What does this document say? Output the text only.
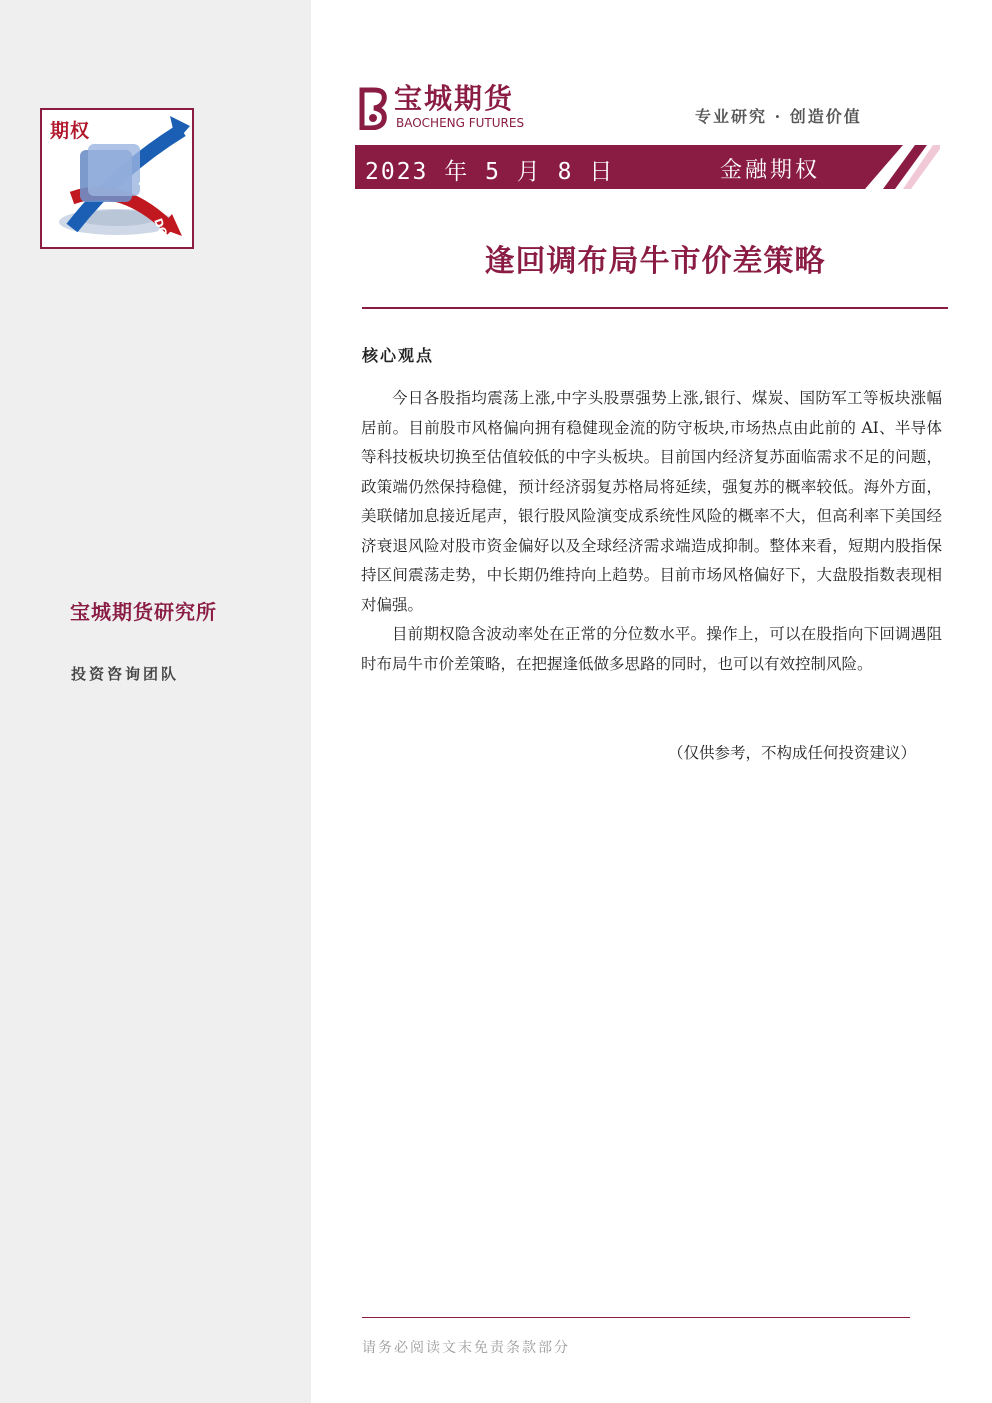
UP
DO
期权
宝城期货研究所
投资咨询团队
宝城期货
BAOCHENG FUTURES	专业研究 · 创造价值
2023 年 5 月 8 日	金融期权
逢回调布局牛市价差策略
核心观点

今日各股指均震荡上涨,中字头股票强势上涨,银行、煤炭、国防军工等板块涨幅居前。目前股市风格偏向拥有稳健现金流的防守板块,市场热点由此前的 AI、半导体等科技板块切换至估值较低的中字头板块。目前国内经济复苏面临需求不足的问题，政策端仍然保持稳健，预计经济弱复苏格局将延续，强复苏的概率较低。海外方面，美联储加息接近尾声，银行股风险演变成系统性风险的概率不大，但高利率下美国经济衰退风险对股市资金偏好以及全球经济需求端造成抑制。整体来看，短期内股指保持区间震荡走势，中长期仍维持向上趋势。目前市场风格偏好下，大盘股指数表现相对偏强。

目前期权隐含波动率处在正常的分位数水平。操作上，可以在股指向下回调遇阻时布局牛市价差策略，在把握逢低做多思路的同时，也可以有效控制风险。

（仅供参考，不构成任何投资建议）
请务必阅读文末免责条款部分
